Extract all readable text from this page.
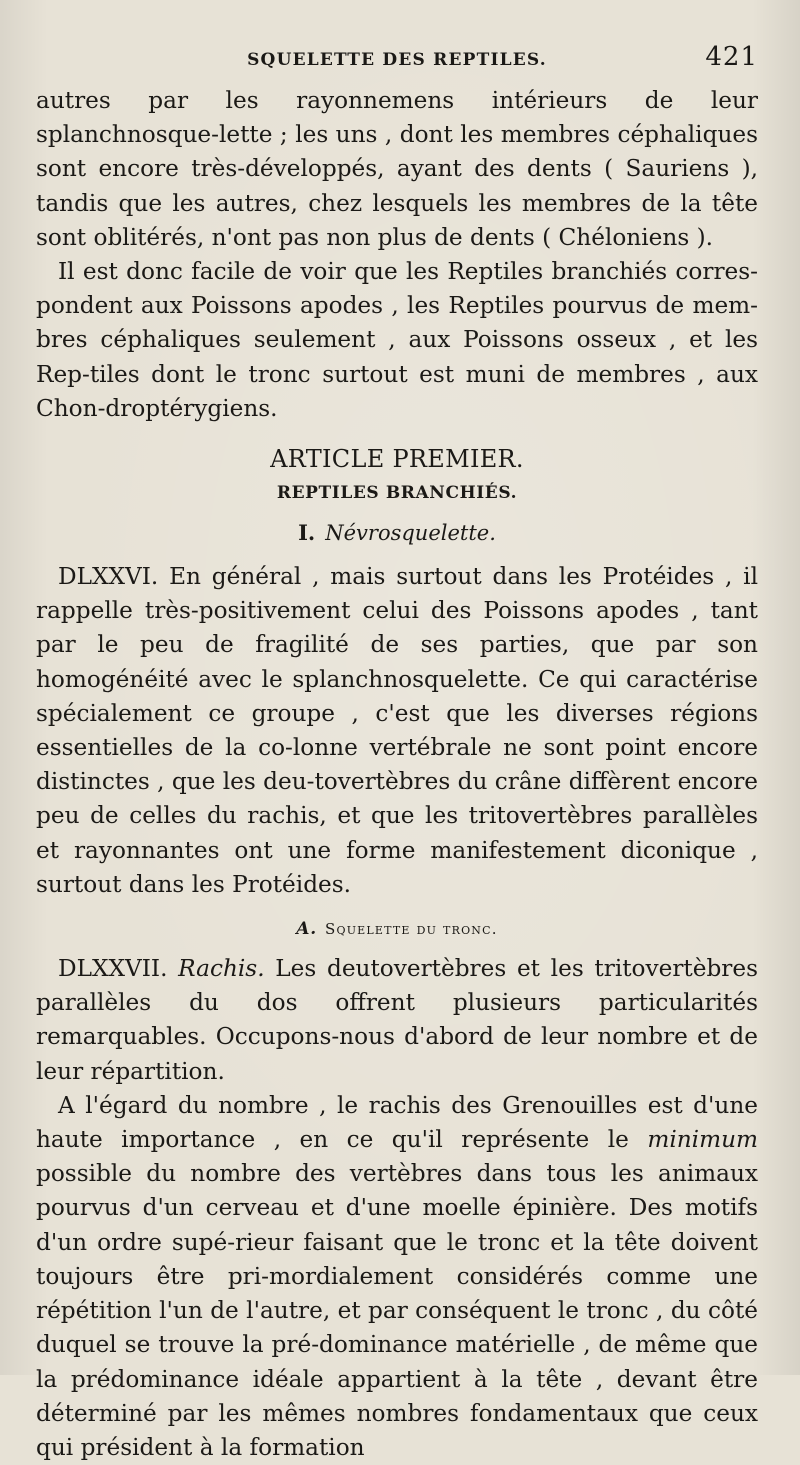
SQUELETTE DES REPTILES.	421

autres par les rayonnemens intérieurs de leur splanchnosque-lette ; les uns , dont les membres céphaliques sont encore très-développés, ayant des dents ( Sauriens ), tandis que les autres, chez lesquels les membres de la tête sont oblitérés, n'ont pas non plus de dents ( Chéloniens ).

Il est donc facile de voir que les Reptiles branchiés corres-pondent aux Poissons apodes , les Reptiles pourvus de mem-bres céphaliques seulement , aux Poissons osseux , et les Rep-tiles dont le tronc surtout est muni de membres , aux Chon-droptérygiens.

ARTICLE PREMIER.
REPTILES BRANCHIÉS.
I. Névrosquelette.

DLXXVI. En général , mais surtout dans les Protéides , il rappelle très-positivement celui des Poissons apodes , tant par le peu de fragilité de ses parties, que par son homogénéité avec le splanchnosquelette. Ce qui caractérise spécialement ce groupe , c'est que les diverses régions essentielles de la co-lonne vertébrale ne sont point encore distinctes , que les deu-tovertèbres du crâne diffèrent encore peu de celles du rachis, et que les tritovertèbres parallèles et rayonnantes ont une forme manifestement diconique , surtout dans les Protéides.

A. Squelette du tronc.

DLXXVII. Rachis. Les deutovertèbres et les tritovertèbres parallèles du dos offrent plusieurs particularités remarquables. Occupons-nous d'abord de leur nombre et de leur répartition.

A l'égard du nombre , le rachis des Grenouilles est d'une haute importance , en ce qu'il représente le minimum possible du nombre des vertèbres dans tous les animaux pourvus d'un cerveau et d'une moelle épinière. Des motifs d'un ordre supé-rieur faisant que le tronc et la tête doivent toujours être pri-mordialement considérés comme une répétition l'un de l'autre, et par conséquent le tronc , du côté duquel se trouve la pré-dominance matérielle , de même que la prédominance idéale appartient à la tête , devant être déterminé par les mêmes nombres fondamentaux que ceux qui président à la formation
